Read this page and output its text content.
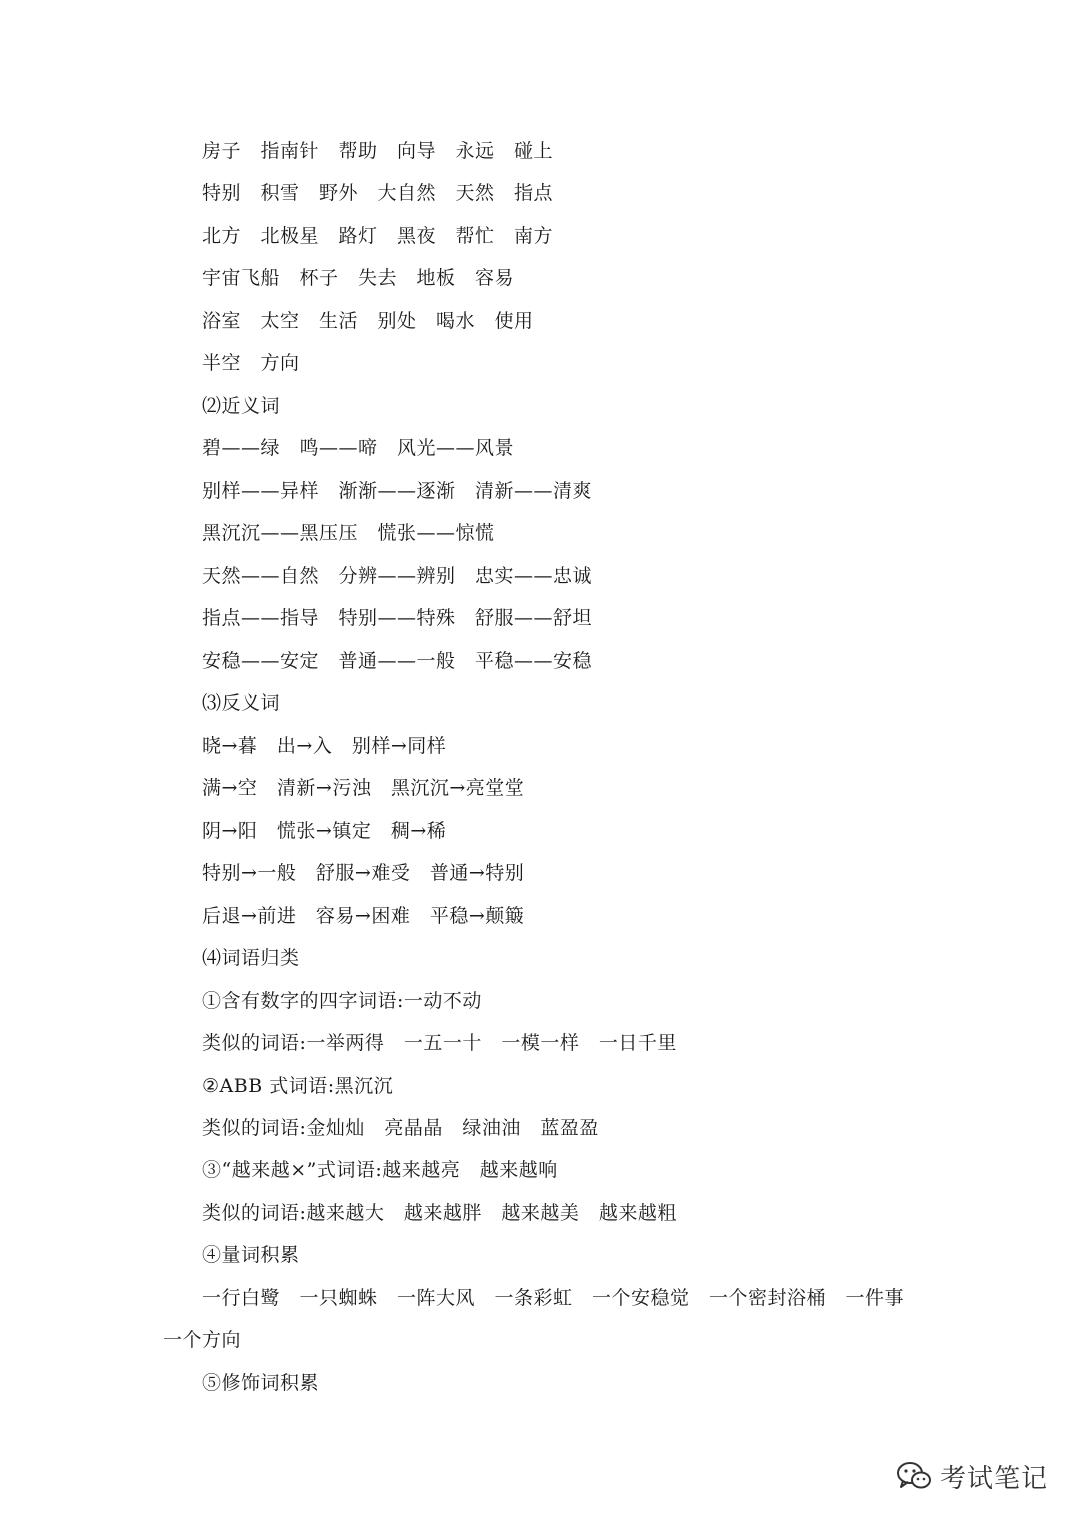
房子　指南针　帮助　向导　永远　碰上
特别　积雪　野外　大自然　天然　指点
北方　北极星　路灯　黑夜　帮忙　南方
宇宙飞船　杯子　失去　地板　容易
浴室　太空　生活　别处　喝水　使用
半空　方向
⑵近义词
碧——绿　鸣——啼　风光——风景
别样——异样　渐渐——逐渐　清新——清爽
黑沉沉——黑压压　慌张——惊慌
天然——自然　分辨——辨别　忠实——忠诚
指点——指导　特别——特殊　舒服——舒坦
安稳——安定　普通——一般　平稳——安稳
⑶反义词
晓→暮　出→入　别样→同样
满→空　清新→污浊　黑沉沉→亮堂堂
阴→阳　慌张→镇定　稠→稀
特别→一般　舒服→难受　普通→特别
后退→前进　容易→困难　平稳→颠簸
⑷词语归类
①含有数字的四字词语:一动不动
类似的词语:一举两得　一五一十　一模一样　一日千里
②ABB 式词语:黑沉沉
类似的词语:金灿灿　亮晶晶　绿油油　蓝盈盈
③“越来越×”式词语:越来越亮　越来越响
类似的词语:越来越大　越来越胖　越来越美　越来越粗
④量词积累
一行白鹭　一只蜘蛛　一阵大风　一条彩虹　一个安稳觉　一个密封浴桶　一件事
一个方向
⑤修饰词积累
考试笔记
